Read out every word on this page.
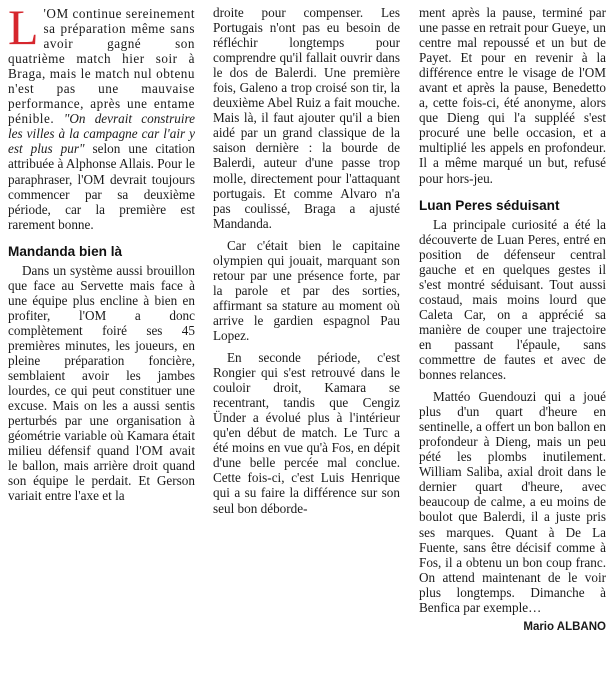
L 'OM continue sereinement sa préparation même sans avoir gagné son quatrième match hier soir à Braga, mais le match nul obtenu n'est pas une mauvaise performance, après une entame pénible. "On devrait construire les villes à la campagne car l'air y est plus pur" selon une citation attribuée à Alphonse Allais. Pour le paraphraser, l'OM devrait toujours commencer par sa deuxième période, car la première est rarement bonne.

Mandanda bien là

Dans un système aussi brouillon que face au Servette mais face à une équipe plus encline à bien en profiter, l'OM a donc complètement foiré ses 45 premières minutes, les joueurs, en pleine préparation foncière, semblaient avoir les jambes lourdes, ce qui peut constituer une excuse. Mais on les a aussi sentis perturbés par une organisation à géométrie variable où Kamara était milieu défensif quand l'OM avait le ballon, mais arrière droit quand son équipe le perdait. Et Gerson variait entre l'axe et la

droite pour compenser. Les Portugais n'ont pas eu besoin de réfléchir longtemps pour comprendre qu'il fallait ouvrir dans le dos de Balerdi. Une première fois, Galeno a trop croisé son tir, la deuxième Abel Ruiz a fait mouche. Mais là, il faut ajouter qu'il a bien aidé par un grand classique de la saison dernière : la bourde de Balerdi, auteur d'une passe trop molle, directement pour l'attaquant portugais. Et comme Alvaro n'a pas coulissé, Braga a ajusté Mandanda.

Car c'était bien le capitaine olympien qui jouait, marquant son retour par une présence forte, par la parole et par des sorties, affirmant sa stature au moment où arrive le gardien espagnol Pau Lopez.

En seconde période, c'est Rongier qui s'est retrouvé dans le couloir droit, Kamara se recentrant, tandis que Cengiz Ünder a évolué plus à l'intérieur qu'en début de match. Le Turc a été moins en vue qu'à Fos, en dépit d'une belle percée mal conclue. Cette fois-ci, c'est Luis Henrique qui a su faire la différence sur son seul bon déborde-

ment après la pause, terminé par une passe en retrait pour Gueye, un centre mal repoussé et un but de Payet. Et pour en revenir à la différence entre le visage de l'OM avant et après la pause, Benedetto a, cette fois-ci, été anonyme, alors que Dieng qui l'a suppléé s'est procuré une belle occasion, et a multiplié les appels en profondeur. Il a même marqué un but, refusé pour hors-jeu.

Luan Peres séduisant

La principale curiosité a été la découverte de Luan Peres, entré en position de défenseur central gauche et en quelques gestes il s'est montré séduisant. Tout aussi costaud, mais moins lourd que Caleta Car, on a apprécié sa manière de couper une trajectoire en passant l'épaule, sans commettre de fautes et avec de bonnes relances.

Mattéo Guendouzi qui a joué plus d'un quart d'heure en sentinelle, a offert un bon ballon en profondeur à Dieng, mais un peu pété les plombs inutilement. William Saliba, axial droit dans le dernier quart d'heure, avec beaucoup de calme, a eu moins de boulot que Balerdi, il a juste pris ses marques. Quant à De La Fuente, sans être décisif comme à Fos, il a obtenu un bon coup franc. On attend maintenant de le voir plus longtemps. Dimanche à Benfica par exemple…

Mario ALBANO
